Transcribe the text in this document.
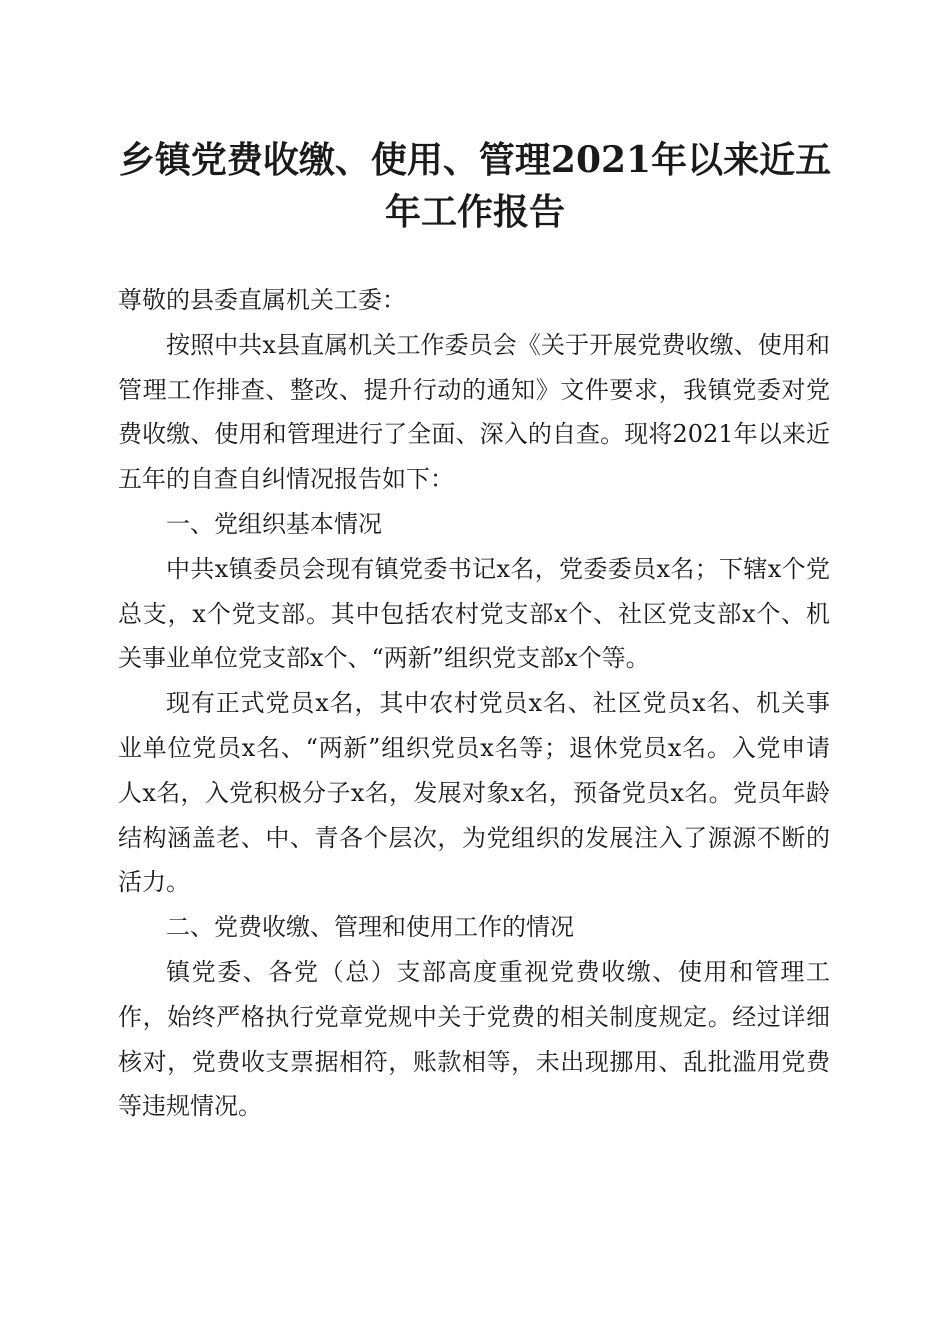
乡镇党费收缴、使用、管理2021年以来近五
年工作报告

尊敬的县委直属机关工委：

按照中共x县直属机关工作委员会《关于开展党费收缴、使用和管理工作排查、整改、提升行动的通知》文件要求，我镇党委对党费收缴、使用和管理进行了全面、深入的自查。现将2021年以来近五年的自查自纠情况报告如下：

一、党组织基本情况

中共x镇委员会现有镇党委书记x名，党委委员x名；下辖x个党总支，x个党支部。其中包括农村党支部x个、社区党支部x个、机关事业单位党支部x个、“两新”组织党支部x个等。

现有正式党员x名，其中农村党员x名、社区党员x名、机关事业单位党员x名、“两新”组织党员x名等；退休党员x名。入党申请人x名，入党积极分子x名，发展对象x名，预备党员x名。党员年龄结构涵盖老、中、青各个层次，为党组织的发展注入了源源不断的活力。

二、党费收缴、管理和使用工作的情况

镇党委、各党（总）支部高度重视党费收缴、使用和管理工作，始终严格执行党章党规中关于党费的相关制度规定。经过详细核对，党费收支票据相符，账款相等，未出现挪用、乱批滥用党费等违规情况。
